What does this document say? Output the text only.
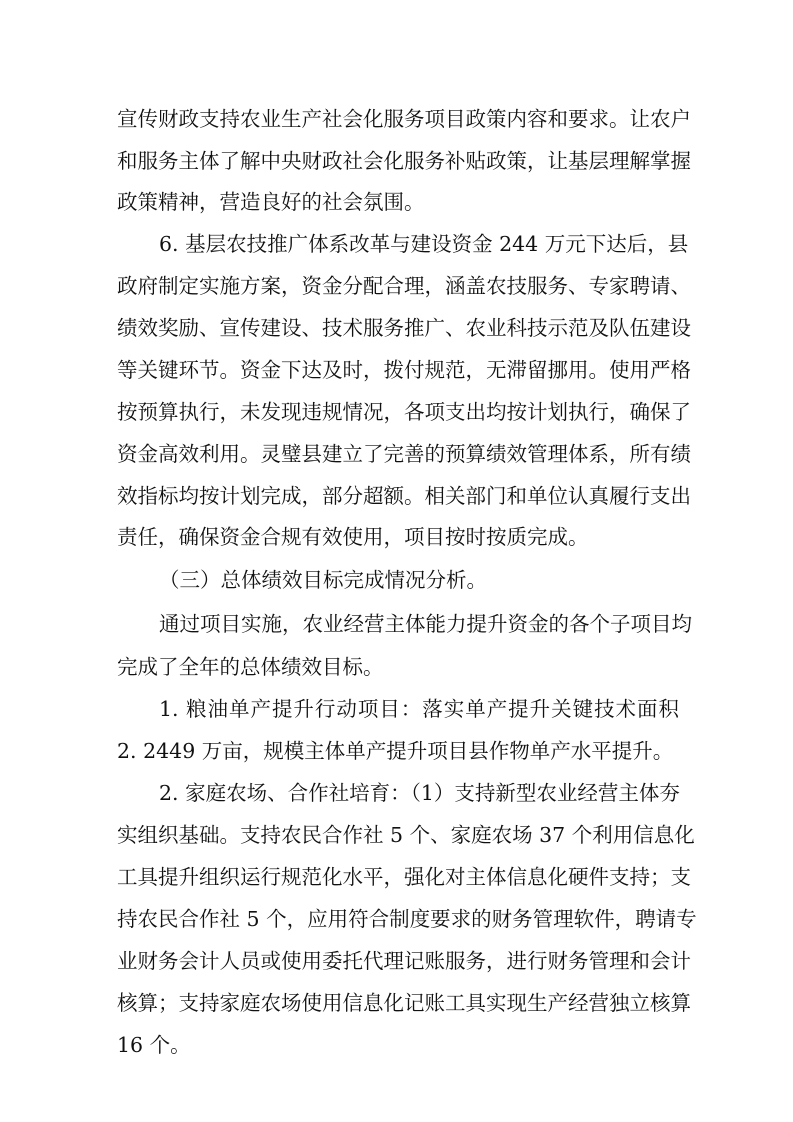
宣传财政支持农业生产社会化服务项目政策内容和要求。让农户
和服务主体了解中央财政社会化服务补贴政策，让基层理解掌握
政策精神，营造良好的社会氛围。
6. 基层农技推广体系改革与建设资金 244 万元下达后，县
政府制定实施方案，资金分配合理，涵盖农技服务、专家聘请、
绩效奖励、宣传建设、技术服务推广、农业科技示范及队伍建设
等关键环节。资金下达及时，拨付规范，无滞留挪用。使用严格
按预算执行，未发现违规情况，各项支出均按计划执行，确保了
资金高效利用。灵璧县建立了完善的预算绩效管理体系，所有绩
效指标均按计划完成，部分超额。相关部门和单位认真履行支出
责任，确保资金合规有效使用，项目按时按质完成。
（三）总体绩效目标完成情况分析。
通过项目实施，农业经营主体能力提升资金的各个子项目均
完成了全年的总体绩效目标。
1. 粮油单产提升行动项目：落实单产提升关键技术面积
2. 2449 万亩，规模主体单产提升项目县作物单产水平提升。
2. 家庭农场、合作社培育：（1）支持新型农业经营主体夯
实组织基础。支持农民合作社 5 个、家庭农场 37 个利用信息化
工具提升组织运行规范化水平，强化对主体信息化硬件支持；支
持农民合作社 5 个，应用符合制度要求的财务管理软件，聘请专
业财务会计人员或使用委托代理记账服务，进行财务管理和会计
核算；支持家庭农场使用信息化记账工具实现生产经营独立核算
16 个。
